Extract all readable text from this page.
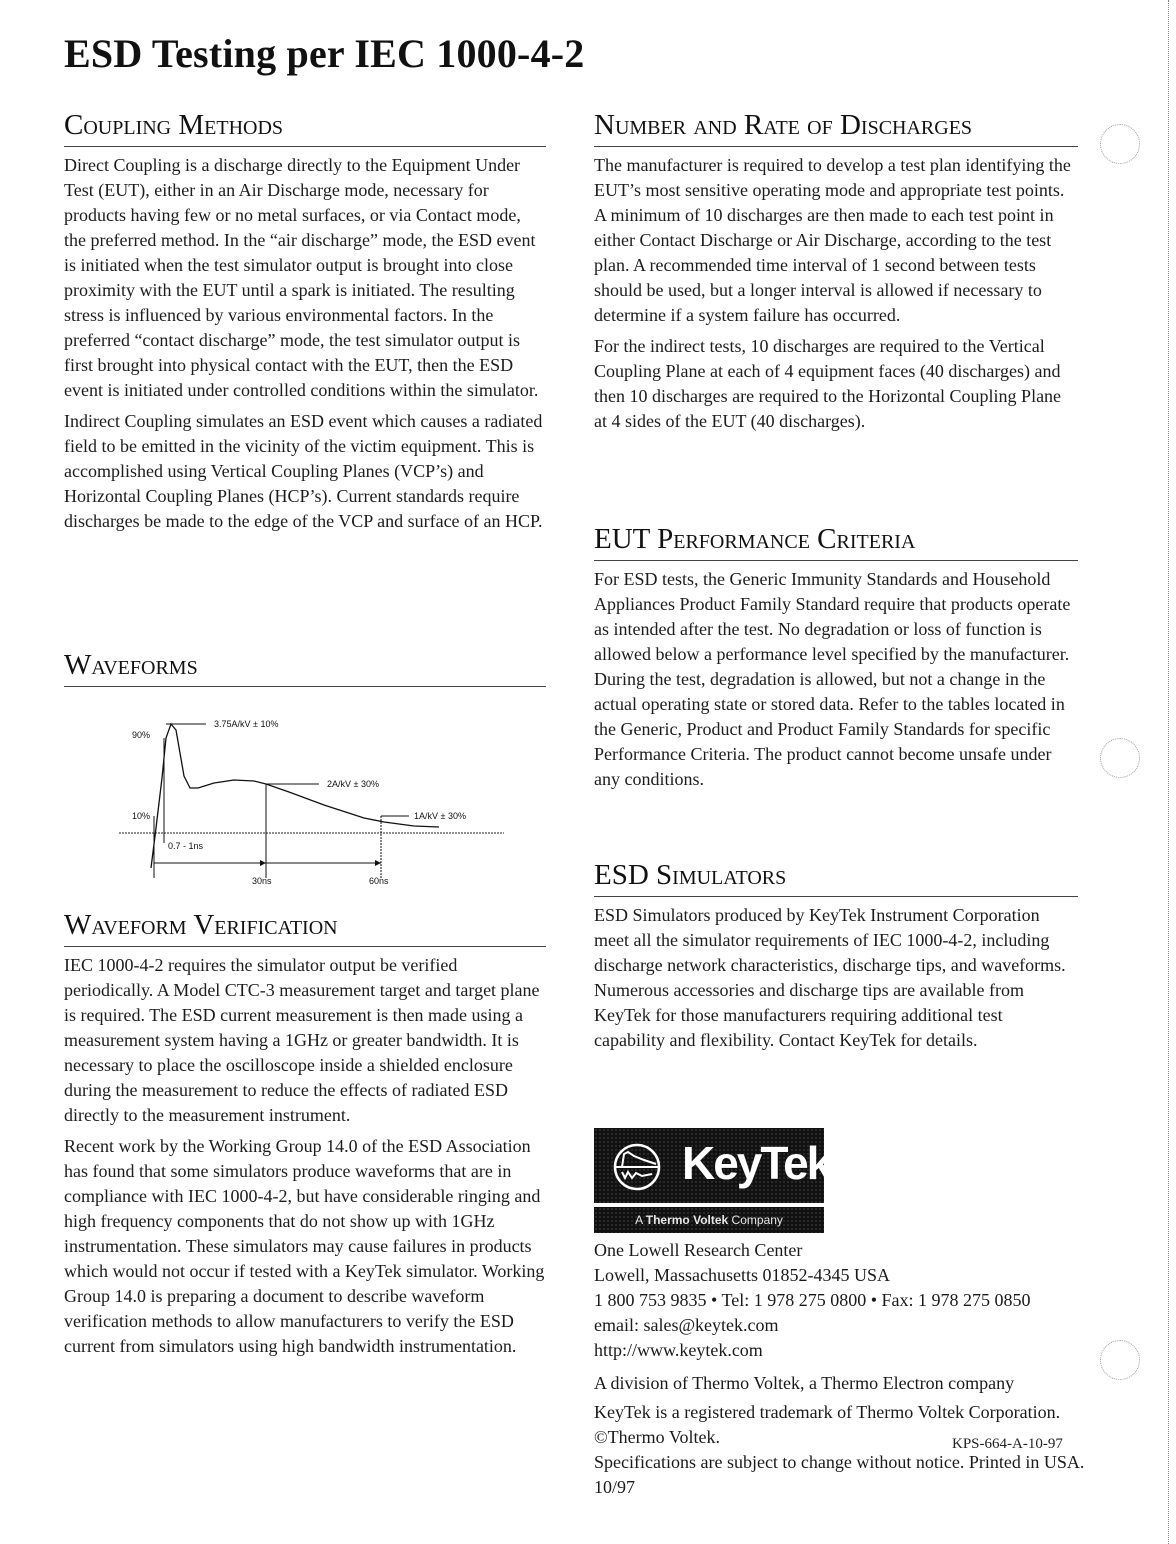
ESD Testing per IEC 1000-4-2
Coupling Methods

Direct Coupling is a discharge directly to the Equipment Under Test (EUT), either in an Air Discharge mode, necessary for products having few or no metal surfaces, or via Contact mode, the preferred method. In the “air discharge” mode, the ESD event is initiated when the test simulator output is brought into close proximity with the EUT until a spark is initiated. The resulting stress is influenced by various environmental factors. In the preferred “contact discharge” mode, the test simulator output is first brought into physical contact with the EUT, then the ESD event is initiated under controlled conditions within the simulator.

Indirect Coupling simulates an ESD event which causes a radiated field to be emitted in the vicinity of the victim equipment. This is accomplished using Vertical Coupling Planes (VCP’s) and Horizontal Coupling Planes (HCP’s). Current standards require discharges be made to the edge of the VCP and surface of an HCP.

Waveforms
3.75A/kV ± 10%
90%
10%
2A/kV ± 30%
1A/kV ± 30%
0.7 - 1ns
30ns	60ns
Waveform Verification

IEC 1000-4-2 requires the simulator output be verified periodically. A Model CTC-3 measurement target and target plane is required. The ESD current measurement is then made using a measurement system having a 1GHz or greater bandwidth. It is necessary to place the oscilloscope inside a shielded enclosure during the measurement to reduce the effects of radiated ESD directly to the measurement instrument.

Recent work by the Working Group 14.0 of the ESD Association has found that some simulators produce waveforms that are in compliance with IEC 1000-4-2, but have considerable ringing and high frequency components that do not show up with 1GHz instrumentation. These simulators may cause failures in products which would not occur if tested with a KeyTek simulator. Working Group 14.0 is preparing a document to describe waveform verification methods to allow manufacturers to verify the ESD current from simulators using high bandwidth instrumentation.

Number and Rate of Discharges

The manufacturer is required to develop a test plan identifying the EUT’s most sensitive operating mode and appropriate test points. A minimum of 10 discharges are then made to each test point in either Contact Discharge or Air Discharge, according to the test plan. A recommended time interval of 1 second between tests should be used, but a longer interval is allowed if necessary to determine if a system failure has occurred.

For the indirect tests, 10 discharges are required to the Vertical Coupling Plane at each of 4 equipment faces (40 discharges) and then 10 discharges are required to the Horizontal Coupling Plane at 4 sides of the EUT (40 discharges).

EUT Performance Criteria

For ESD tests, the Generic Immunity Standards and Household Appliances Product Family Standard require that products operate as intended after the test. No degradation or loss of function is allowed below a performance level specified by the manufacturer. During the test, degradation is allowed, but not a change in the actual operating state or stored data. Refer to the tables located in the Generic, Product and Product Family Standards for specific Performance Criteria. The product cannot become unsafe under any conditions.

ESD Simulators

ESD Simulators produced by KeyTek Instrument Corporation meet all the simulator requirements of IEC 1000-4-2, including discharge network characteristics, discharge tips, and waveforms. Numerous accessories and discharge tips are available from KeyTek for those manufacturers requiring additional test capability and flexibility. Contact KeyTek for details.

KeyTek®
A Thermo Voltek Company

One Lowell Research Center

Lowell, Massachusetts 01852-4345 USA

1 800 753 9835 • Tel: 1 978 275 0800 • Fax: 1 978 275 0850

email: sales@keytek.com

http://www.keytek.com

A division of Thermo Voltek, a Thermo Electron company

KeyTek is a registered trademark of Thermo Voltek Corporation. ©Thermo Voltek.

Specifications are subject to change without notice. Printed in USA. 10/97

KPS-664-A-10-97
